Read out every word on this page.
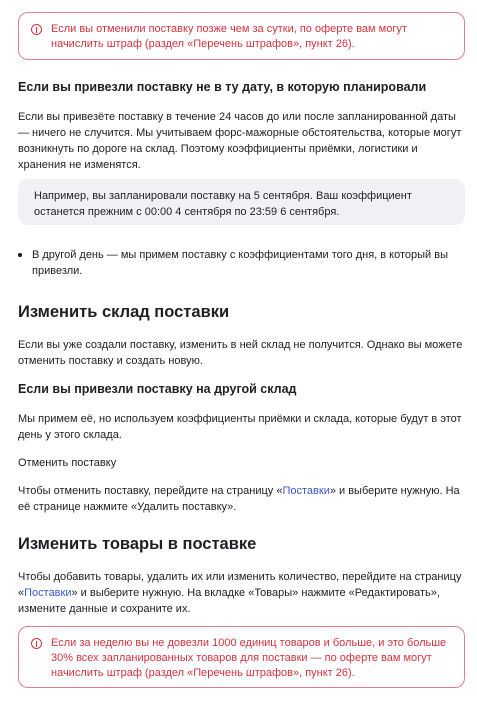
Если вы отменили поставку позже чем за сутки, по оферте вам могут начислить штраф (раздел «Перечень штрафов», пункт 26).
Если вы привезли поставку не в ту дату, в которую планировали

Если вы привезёте поставку в течение 24 часов до или после запланированной даты — ничего не случится. Мы учитываем форс-мажорные обстоятельства, которые могут возникнуть по дороге на склад. Поэтому коэффициенты приёмки, логистики и хранения не изменятся.

Например, вы запланировали поставку на 5 сентября. Ваш коэффициент останется прежним с 00:00 4 сентября по 23:59 6 сентября.
В другой день — мы примем поставку с коэффициентами того дня, в который вы привезли.
Изменить склад поставки

Если вы уже создали поставку, изменить в ней склад не получится. Однако вы можете отменить поставку и создать новую.

Если вы привезли поставку на другой склад

Мы примем её, но используем коэффициенты приёмки и склада, которые будут в этот день у этого склада.

Отменить поставку

Чтобы отменить поставку, перейдите на страницу «Поставки» и выберите нужную. На её странице нажмите «Удалить поставку».

Изменить товары в поставке

Чтобы добавить товары, удалить их или изменить количество, перейдите на страницу «Поставки» и выберите нужную. На вкладке «Товары» нажмите «Редактировать», измените данные и сохраните их.

Если за неделю вы не довезли 1000 единиц товаров и больше, и это больше 30% всех запланированных товаров для поставки — по оферте вам могут начислить штраф (раздел «Перечень штрафов», пункт 26).
